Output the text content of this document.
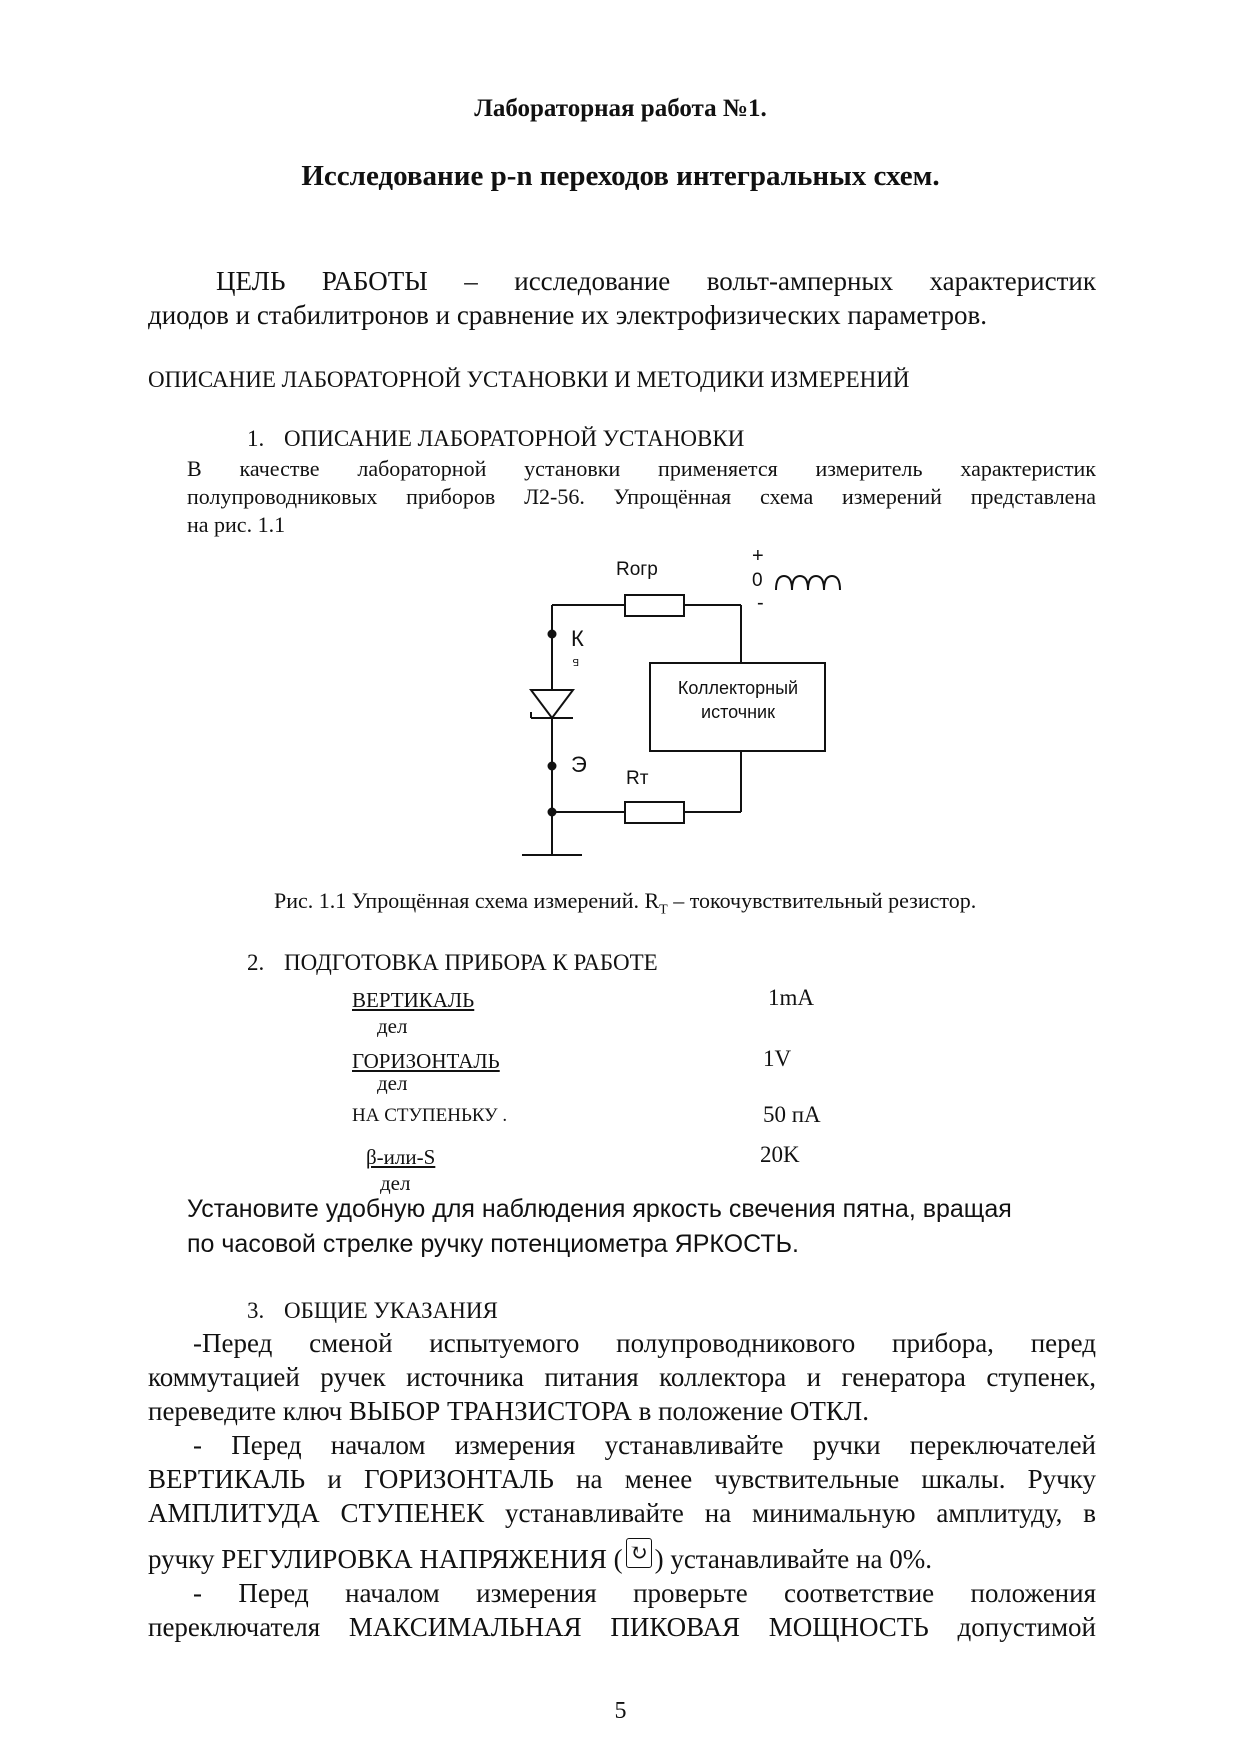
Лабораторная работа №1.
Исследование p-n переходов интегральных схем.
ЦЕЛЬ РАБОТЫ – исследование вольт-амперных характеристик
диодов и стабилитронов и сравнение их электрофизических параметров.
ОПИСАНИЕ ЛАБОРАТОРНОЙ УСТАНОВКИ И МЕТОДИКИ ИЗМЕРЕНИЙ
1. ОПИСАНИЕ ЛАБОРАТОРНОЙ УСТАНОВКИ
В качестве лабораторной установки применяется измеритель характеристик
полупроводниковых приборов Л2-56. Упрощённая схема измерений представлена
на рис. 1.1
Rогр
+
0
-
К
Б
Э
Rт
Коллекторный
источник
Рис. 1.1 Упрощённая схема измерений. $R_T$ – токочувствительный резистор.
2. ПОДГОТОВКА ПРИБОРА К РАБОТЕ
ВЕРТИКАЛЬ
дел
1mA
ГОРИЗОНТАЛЬ
дел
1V
НА СТУПЕНЬКУ .	50 пА
β-или-S
дел
20K
Установите удобную для наблюдения яркость свечения пятна, вращая
по часовой стрелке ручку потенциометра ЯРКОСТЬ.
3. ОБЩИЕ УКАЗАНИЯ
-Перед сменой испытуемого полупроводникового прибора, перед
коммутацией ручек источника питания коллектора и генератора ступенек,
переведите ключ ВЫБОР ТРАНЗИСТОРА в положение ОТКЛ.
- Перед началом измерения устанавливайте ручки переключателей
ВЕРТИКАЛЬ и ГОРИЗОНТАЛЬ на менее чувствительные шкалы. Ручку
АМПЛИТУДА СТУПЕНЕК устанавливайте на минимальную амплитуду, в
ручку РЕГУЛИРОВКА НАПРЯЖЕНИЯ ( ↻ ) устанавливайте на 0%.
- Перед началом измерения проверьте соответствие положения
переключателя МАКСИМАЛЬНАЯ ПИКОВАЯ МОЩНОСТЬ допустимой
5
